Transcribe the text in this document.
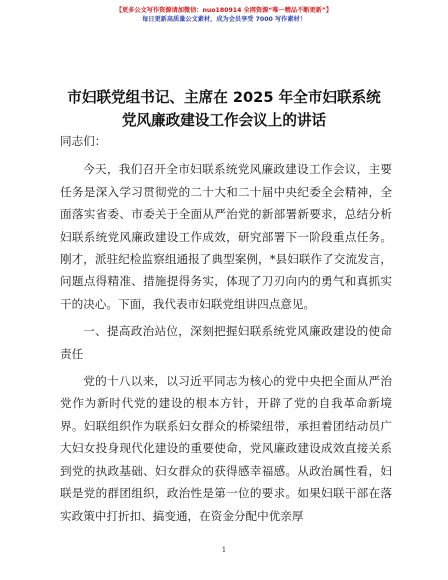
【更多公文写作资源请加微信：nuo180914 全网资源“唯一精品不断更新”】
每日更新高质量公文素材，成为会员享受 7000 写作素材！
市妇联党组书记、主席在 2025 年全市妇联系统
党风廉政建设工作会议上的讲话

同志们：

今天，我们召开全市妇联系统党风廉政建设工作会议，主要任务是深入学习贯彻党的二十大和二十届中央纪委全会精神，全面落实省委、市委关于全面从严治党的新部署新要求，总结分析妇联系统党风廉政建设工作成效，研究部署下一阶段重点任务。刚才，派驻纪检监察组通报了典型案例，*县妇联作了交流发言，问题点得精准、措施提得务实，体现了刀刃向内的勇气和真抓实干的决心。下面，我代表市妇联党组讲四点意见。

一、提高政治站位，深刻把握妇联系统党风廉政建设的使命责任

党的十八以来，以习近平同志为核心的党中央把全面从严治党作为新时代党的建设的根本方针，开辟了党的自我革命新境界。妇联组织作为联系妇女群众的桥梁纽带，承担着团结动员广大妇女投身现代化建设的重要使命，党风廉政建设成效直接关系到党的执政基础、妇女群众的获得感幸福感。从政治属性看，妇联是党的群团组织，政治性是第一位的要求。如果妇联干部在落实政策中打折扣、搞变通，在资金分配中优亲厚

1
